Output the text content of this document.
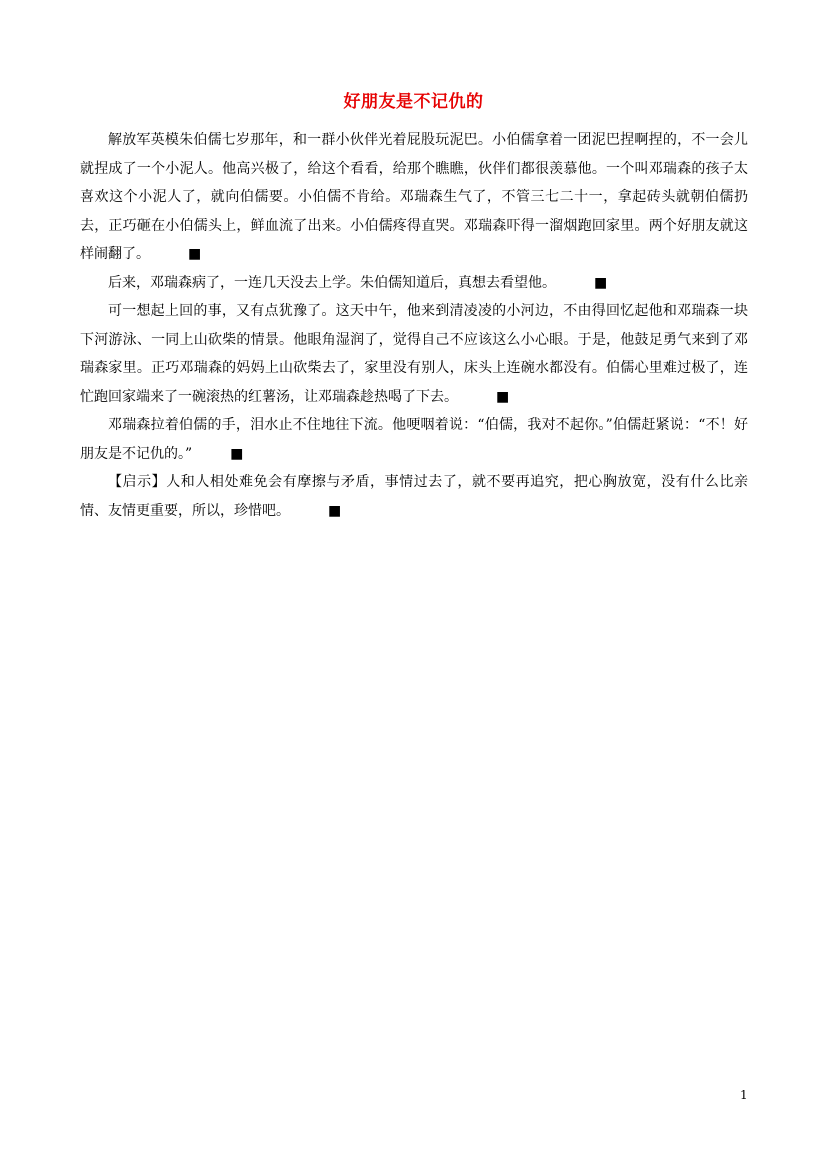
好朋友是不记仇的

解放军英模朱伯儒七岁那年，和一群小伙伴光着屁股玩泥巴。小伯儒拿着一团泥巴捏啊捏的，不一会儿就捏成了一个小泥人。他高兴极了，给这个看看，给那个瞧瞧，伙伴们都很羡慕他。一个叫邓瑞森的孩子太喜欢这个小泥人了，就向伯儒要。小伯儒不肯给。邓瑞森生气了，不管三七二十一，拿起砖头就朝伯儒扔去，正巧砸在小伯儒头上，鲜血流了出来。小伯儒疼得直哭。邓瑞森吓得一溜烟跑回家里。两个好朋友就这样闹翻了。	■

后来，邓瑞森病了，一连几天没去上学。朱伯儒知道后，真想去看望他。	■

可一想起上回的事，又有点犹豫了。这天中午，他来到清凌凌的小河边，不由得回忆起他和邓瑞森一块下河游泳、一同上山砍柴的情景。他眼角湿润了，觉得自己不应该这么小心眼。于是，他鼓足勇气来到了邓瑞森家里。正巧邓瑞森的妈妈上山砍柴去了，家里没有别人，床头上连碗水都没有。伯儒心里难过极了，连忙跑回家端来了一碗滚热的红薯汤，让邓瑞森趁热喝了下去。	■

邓瑞森拉着伯儒的手，泪水止不住地往下流。他哽咽着说：“伯儒，我对不起你。”伯儒赶紧说：“不！好朋友是不记仇的。”	■

【启示】人和人相处难免会有摩擦与矛盾，事情过去了，就不要再追究，把心胸放宽，没有什么比亲情、友情更重要，所以，珍惜吧。	■

1
